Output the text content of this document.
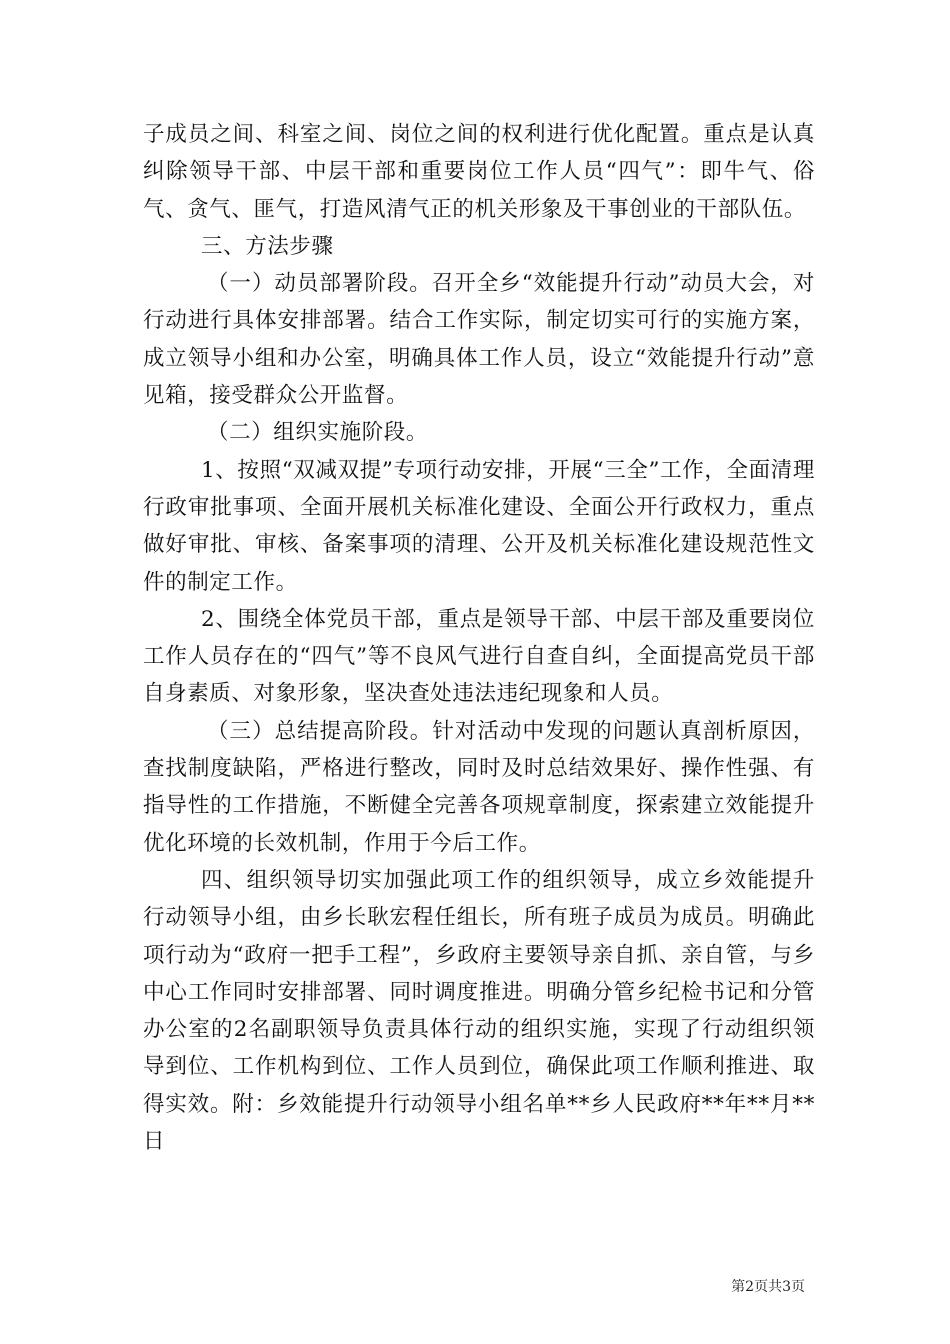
子成员之间、科室之间、岗位之间的权利进行优化配置。重点是认真纠除领导干部、中层干部和重要岗位工作人员“四气”：即牛气、俗气、贪气、匪气，打造风清气正的机关形象及干事创业的干部队伍。

三、方法步骤

（一）动员部署阶段。召开全乡“效能提升行动”动员大会，对行动进行具体安排部署。结合工作实际，制定切实可行的实施方案，成立领导小组和办公室，明确具体工作人员，设立“效能提升行动”意见箱，接受群众公开监督。

（二）组织实施阶段。

1、按照“双减双提”专项行动安排，开展“三全”工作，全面清理行政审批事项、全面开展机关标准化建设、全面公开行政权力，重点做好审批、审核、备案事项的清理、公开及机关标准化建设规范性文件的制定工作。

2、围绕全体党员干部，重点是领导干部、中层干部及重要岗位工作人员存在的“四气”等不良风气进行自查自纠，全面提高党员干部自身素质、对象形象，坚决查处违法违纪现象和人员。

（三）总结提高阶段。针对活动中发现的问题认真剖析原因，查找制度缺陷，严格进行整改，同时及时总结效果好、操作性强、有指导性的工作措施，不断健全完善各项规章制度，探索建立效能提升优化环境的长效机制，作用于今后工作。

四、组织领导切实加强此项工作的组织领导，成立乡效能提升行动领导小组，由乡长耿宏程任组长，所有班子成员为成员。明确此项行动为“政府一把手工程”，乡政府主要领导亲自抓、亲自管，与乡中心工作同时安排部署、同时调度推进。明确分管乡纪检书记和分管办公室的2名副职领导负责具体行动的组织实施，实现了行动组织领导到位、工作机构到位、工作人员到位，确保此项工作顺利推进、取得实效。附：乡效能提升行动领导小组名单**乡人民政府**年**月**日

第2页共3页
